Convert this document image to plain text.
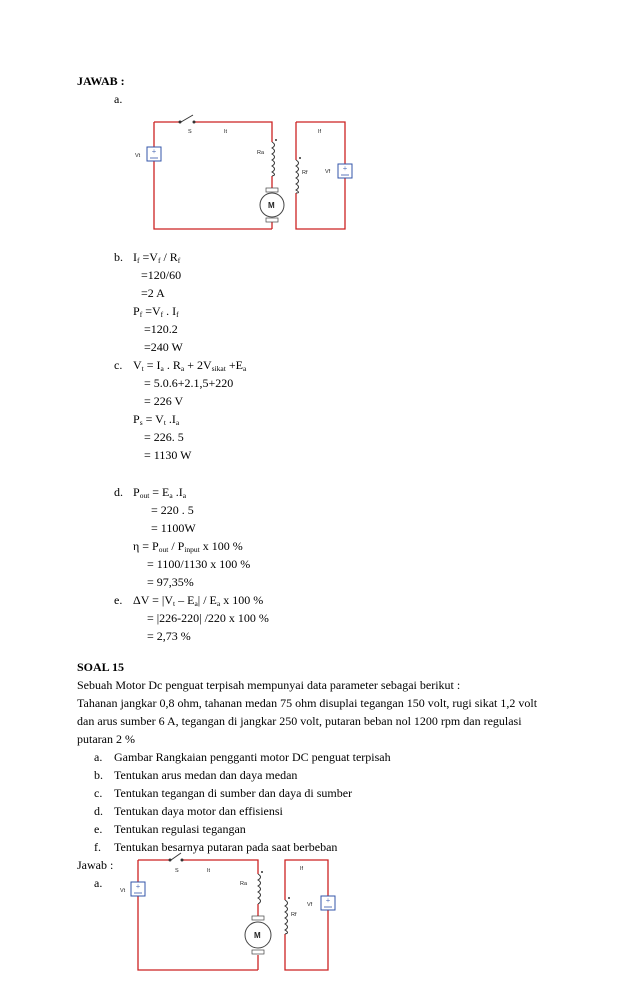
JAWAB :
a.
+
+
Vt
S	It
Ra
M
If
Rf	Vf
b. $I_f =V_f / R_f$
=120/60
=2 A
$P_f =V_f$ . $I_f$
=120.2
=240 W
c. $V_t = I_a$ . $R_a + 2V_{sikat} +E_a$
= 5.0.6+2.1,5+220
= 226 V
$P_s = V_t$ $.I_a$
= 226. 5
= 1130 W
d. $P_{out} = E_a$ $.I_a$
= 220 . 5
= 1100W
$\eta = P_{out} / P_{input}$ x 100 %
= 1100/1130 x 100 %
= 97,35%
e. $\Delta V = |V_t - E_a| / E_a$ x 100 %
= |226-220| /220 x 100 %
= 2,73 %
SOAL 15
Sebuah Motor Dc penguat terpisah mempunyai data parameter sebagai berikut :
Tahanan jangkar 0,8 ohm, tahanan medan 75 ohm disuplai tegangan 150 volt, rugi sikat 1,2 volt
dan arus sumber 6 A, tegangan di jangkar 250 volt, putaran beban nol 1200 rpm dan regulasi
putaran 2 %
a. Gambar Rangkaian pengganti motor DC penguat terpisah
b. Tentukan arus medan dan daya medan
c. Tentukan tegangan di sumber dan daya di sumber
d. Tentukan daya motor dan effisiensi
e. Tentukan regulasi tegangan
f. Tentukan besarnya putaran pada saat berbeban
Jawab :
a.	+
+
Vt
S	It
Ra
M
If
Rf
Vf
